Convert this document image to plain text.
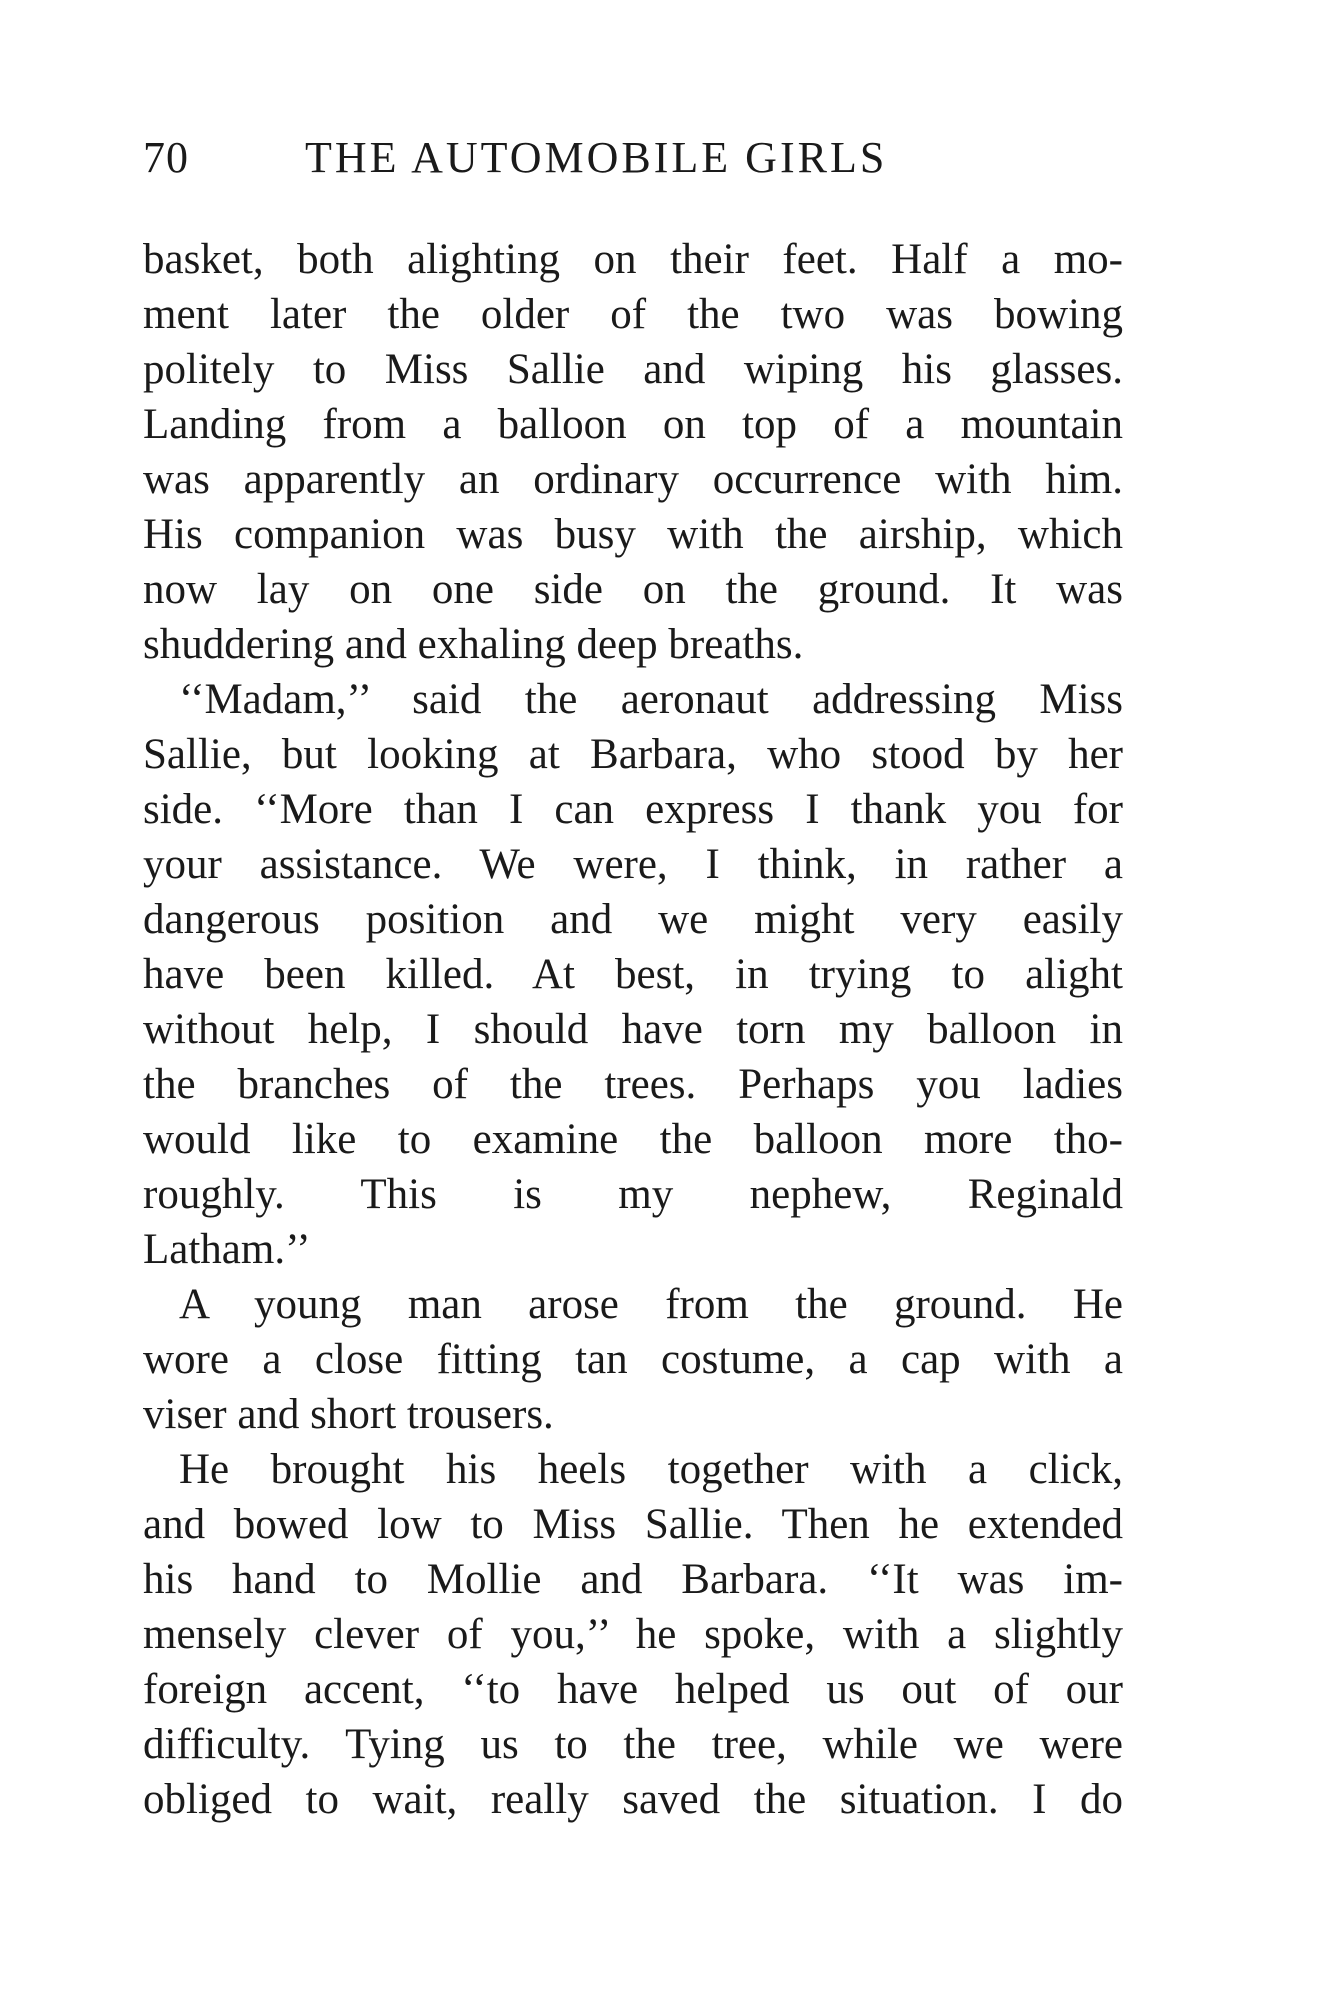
70	THE AUTOMOBILE GIRLS
basket, both alighting on their feet. Half a mo-
ment later the older of the two was bowing
politely to Miss Sallie and wiping his glasses.
Landing from a balloon on top of a mountain
was apparently an ordinary occurrence with him.
His companion was busy with the airship, which
now lay on one side on the ground. It was
shuddering and exhaling deep breaths.
‘‘Madam,’’ said the aeronaut addressing Miss
Sallie, but looking at Barbara, who stood by her
side. ‘‘More than I can express I thank you for
your assistance. We were, I think, in rather a
dangerous position and we might very easily
have been killed. At best, in trying to alight
without help, I should have torn my balloon in
the branches of the trees. Perhaps you ladies
would like to examine the balloon more tho-
roughly. This is my nephew, Reginald
Latham.’’
A young man arose from the ground. He
wore a close fitting tan costume, a cap with a
viser and short trousers.
He brought his heels together with a click,
and bowed low to Miss Sallie. Then he extended
his hand to Mollie and Barbara. ‘‘It was im-
mensely clever of you,’’ he spoke, with a slightly
foreign accent, ‘‘to have helped us out of our
difficulty. Tying us to the tree, while we were
obliged to wait, really saved the situation. I do
